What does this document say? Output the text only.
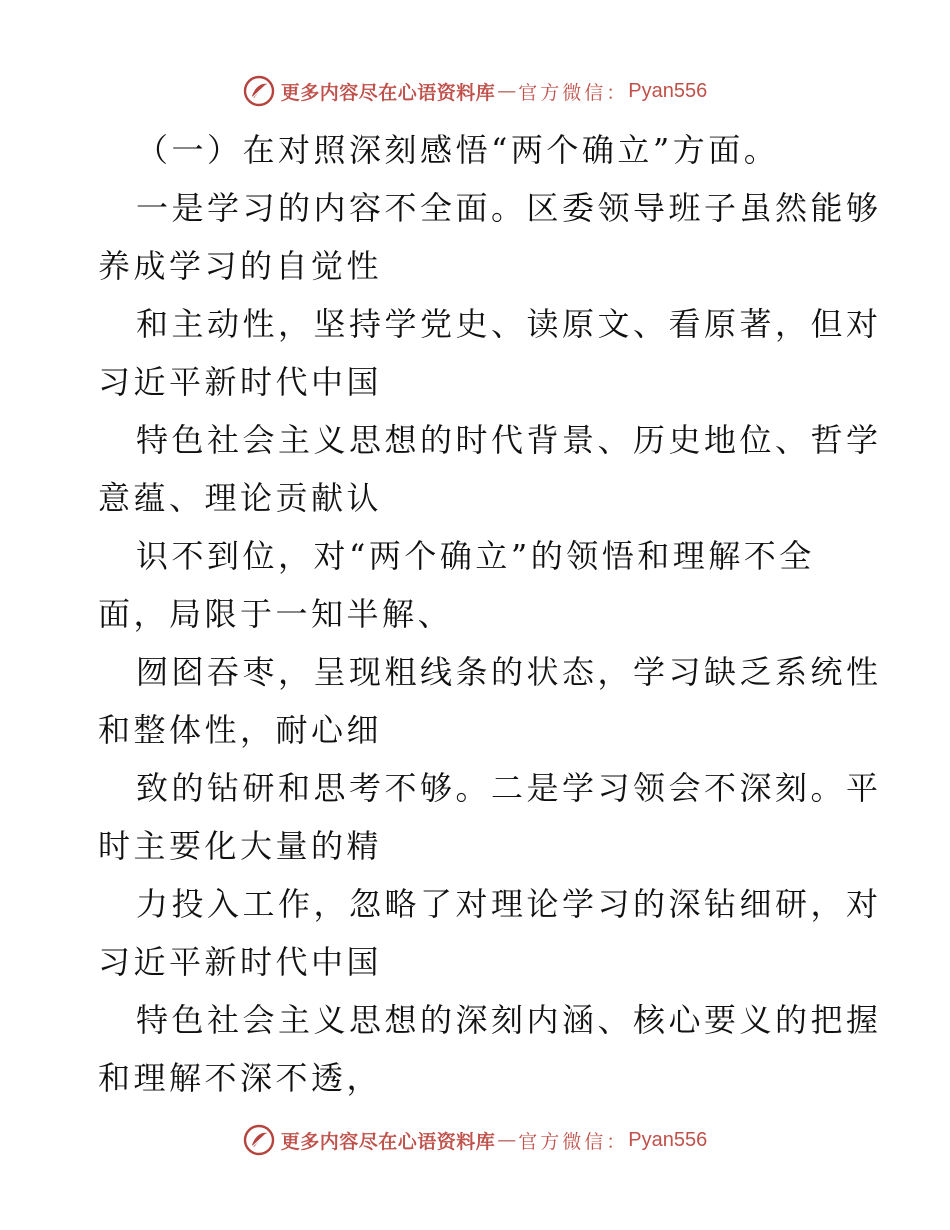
更多内容尽在心语资料库 — 官方微信： Pyan556
（一）在对照深刻感悟“两个确立”方面。
一是学习的内容不全面。区委领导班子虽然能够
养成学习的自觉性
和主动性，坚持学党史、读原文、看原著，但对
习近平新时代中国
特色社会主义思想的时代背景、历史地位、哲学
意蕴、理论贡献认
识不到位，对“两个确立”的领悟和理解不全
面，局限于一知半解、
囫囵吞枣，呈现粗线条的状态，学习缺乏系统性
和整体性，耐心细
致的钻研和思考不够。二是学习领会不深刻。平
时主要化大量的精
力投入工作，忽略了对理论学习的深钻细研，对
习近平新时代中国
特色社会主义思想的深刻内涵、核心要义的把握
和理解不深不透，
更多内容尽在心语资料库 — 官方微信： Pyan556
